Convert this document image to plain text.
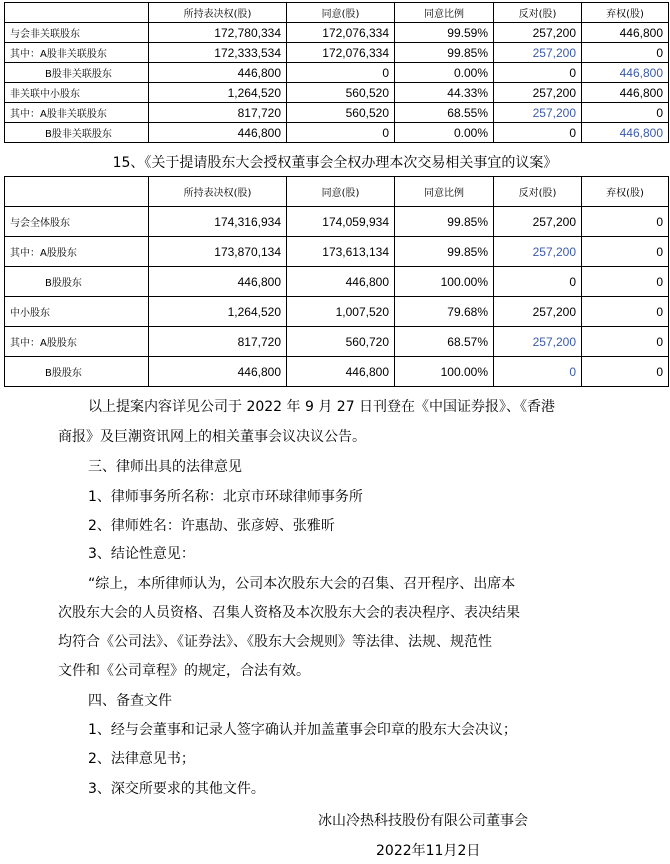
	所持表决权(股)	同意(股)	同意比例	反对(股)	弃权(股)
与会非关联股东	172,780,334	172,076,334	99.59%	257,200	446,800
其中：A股非关联股东	172,333,534	172,076,334	99.85%	257,200	0
B股非关联股东	446,800	0	0.00%	0	446,800
非关联中小股东	1,264,520	560,520	44.33%	257,200	446,800
其中：A股非关联股东	817,720	560,520	68.55%	257,200	0
B股非关联股东	446,800	0	0.00%	0	446,800
15、《关于提请股东大会授权董事会全权办理本次交易相关事宜的议案》
	所持表决权(股)	同意(股)	同意比例	反对(股)	弃权(股)
与会全体股东	174,316,934	174,059,934	99.85%	257,200	0
其中：A股股东	173,870,134	173,613,134	99.85%	257,200	0
B股股东	446,800	446,800	100.00%	0	0
中小股东	1,264,520	1,007,520	79.68%	257,200	0
其中：A股股东	817,720	560,720	68.57%	257,200	0
B股股东	446,800	446,800	100.00%	0	0
以上提案内容详见公司于 2022 年 9 月 27 日刊登在《中国证券报》、《香港
商报》及巨潮资讯网上的相关董事会议决议公告。
三、律师出具的法律意见
1、律师事务所名称：北京市环球律师事务所
2、律师姓名：许惠劼、张彦婷、张雅昕
3、结论性意见：
“综上，本所律师认为，公司本次股东大会的召集、召开程序、出席本
次股东大会的人员资格、召集人资格及本次股东大会的表决程序、表决结果
均符合《公司法》、《证券法》、《股东大会规则》等法律、法规、规范性
文件和《公司章程》的规定，合法有效。
四、备查文件
1、经与会董事和记录人签字确认并加盖董事会印章的股东大会决议；
2、法律意见书；
3、深交所要求的其他文件。
冰山冷热科技股份有限公司董事会
2022年11月2日
